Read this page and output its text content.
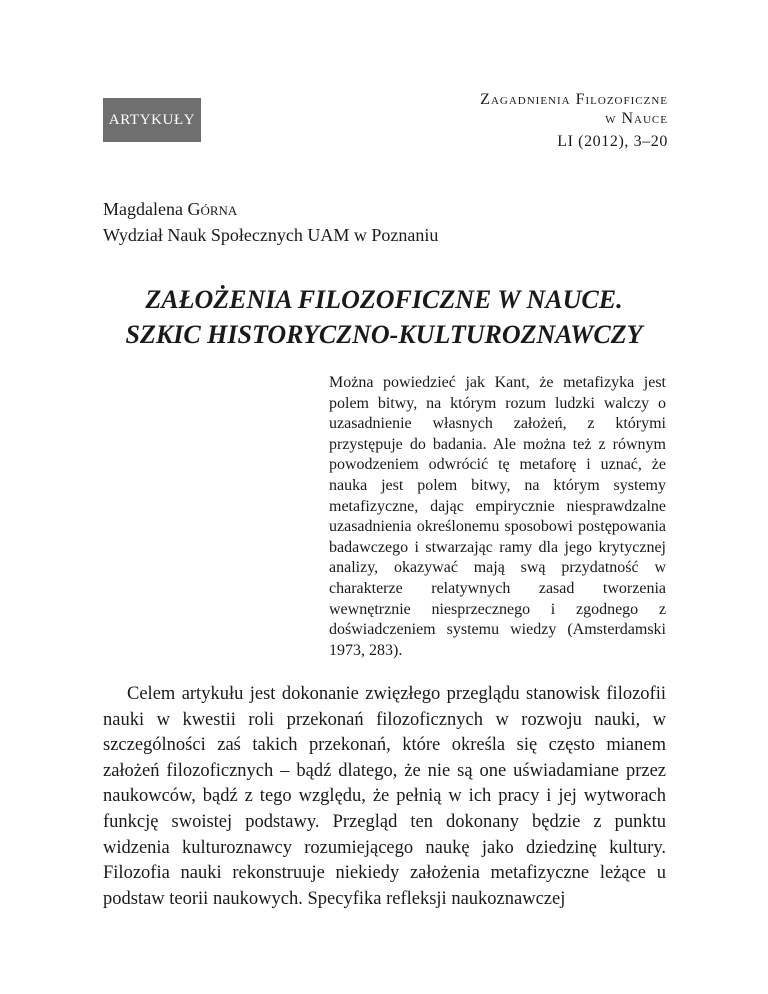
ARTYKUŁY
Zagadnienia Filozoficzne
w Nauce
LI (2012), 3–20
Magdalena Górna
Wydział Nauk Społecznych UAM w Poznaniu
ZAŁOŻENIA FILOZOFICZNE W NAUCE.
SZKIC HISTORYCZNO-KULTUROZNAWCZY
Można powiedzieć jak Kant, że metafizyka jest polem bitwy, na którym rozum ludzki walczy o uzasadnienie własnych założeń, z którymi przystępuje do badania. Ale można też z równym powodzeniem odwrócić tę metaforę i uznać, że nauka jest polem bitwy, na którym systemy metafizyczne, dając empirycznie niesprawdzalne uzasadnienia określonemu sposobowi postępowania badawczego i stwarzając ramy dla jego krytycznej analizy, okazywać mają swą przydatność w charakterze relatywnych zasad tworzenia wewnętrznie niesprzecznego i zgodnego z doświadczeniem systemu wiedzy (Amsterdamski 1973, 283).

Celem artykułu jest dokonanie zwięzłego przeglądu stanowisk filozofii nauki w kwestii roli przekonań filozoficznych w rozwoju nauki, w szczególności zaś takich przekonań, które określa się często mianem założeń filozoficznych – bądź dlatego, że nie są one uświadamiane przez naukowców, bądź z tego względu, że pełnią w ich pracy i jej wytworach funkcję swoistej podstawy. Przegląd ten dokonany będzie z punktu widzenia kulturoznawcy rozumiejącego naukę jako dziedzinę kultury. Filozofia nauki rekonstruuje niekiedy założenia metafizyczne leżące u podstaw teorii naukowych. Specyfika refleksji naukoznawczej
